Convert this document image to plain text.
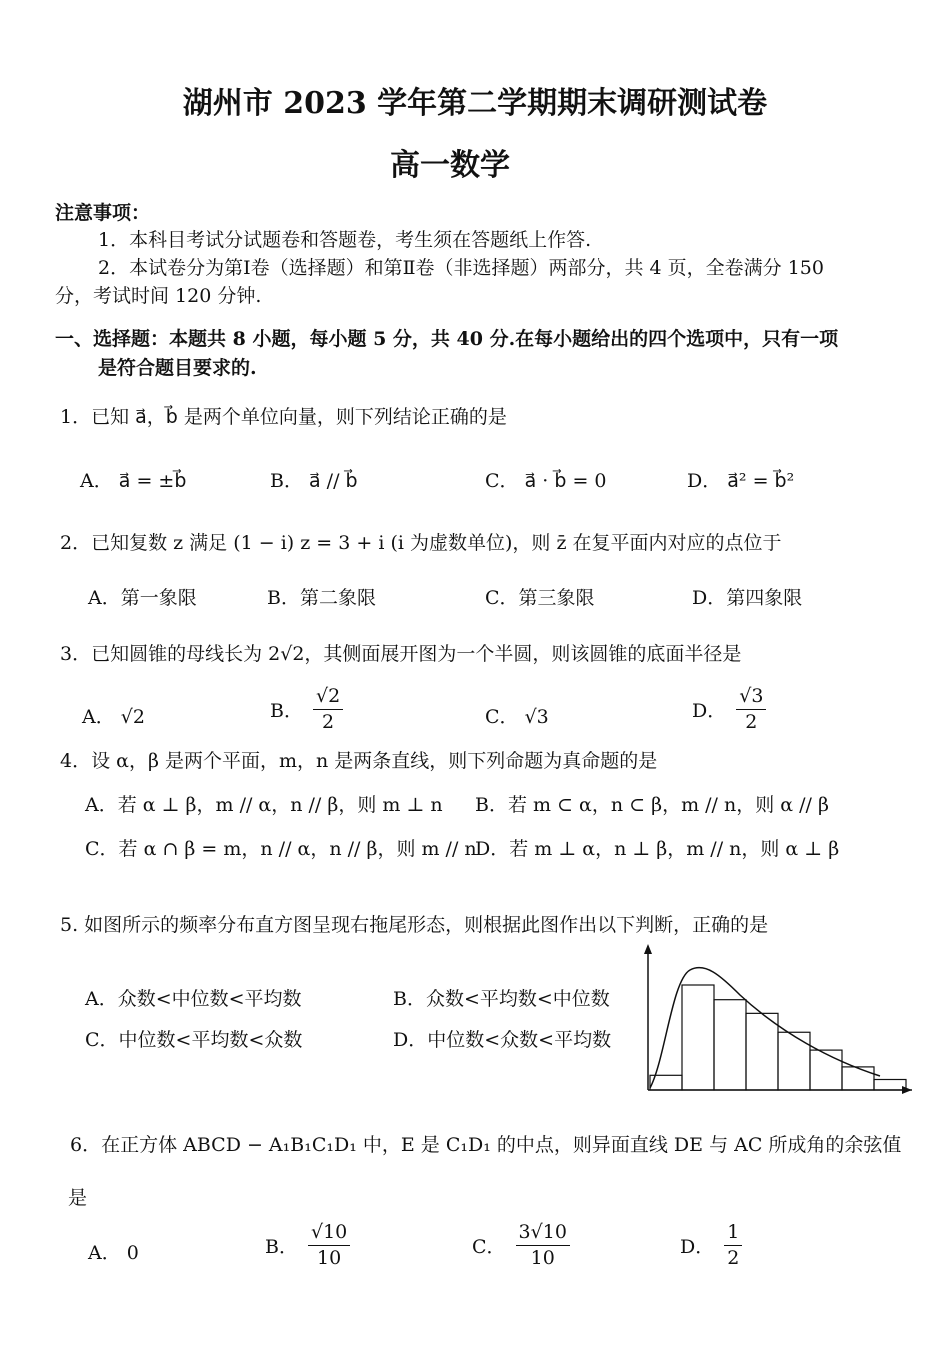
湖州市 2023 学年第二学期期末调研测试卷
高一数学
注意事项：
1．本科目考试分试题卷和答题卷，考生须在答题纸上作答.
2．本试卷分为第Ⅰ卷（选择题）和第Ⅱ卷（非选择题）两部分，共 4 页，全卷满分 150
分，考试时间 120 分钟.
一、选择题：本题共 8 小题，每小题 5 分，共 40 分.在每小题给出的四个选项中，只有一项
是符合题目要求的.
1．已知 a⃗，b⃗ 是两个单位向量，则下列结论正确的是
A． a⃗ = ±b⃗	B． a⃗ // b⃗	C． a⃗ · b⃗ = 0	D． a⃗² = b⃗²
2．已知复数 z 满足 (1 − i) z = 3 + i (i 为虚数单位)，则 z̄ 在复平面内对应的点位于
A．第一象限	B．第二象限	C．第三象限	D．第四象限
3．已知圆锥的母线长为 2√2，其侧面展开图为一个半圆，则该圆锥的底面半径是
A． √2	B． $\frac{√2}{2}$	C． √3	D． $\frac{√3}{2}$
4．设 α，β 是两个平面，m，n 是两条直线，则下列命题为真命题的是
A．若 α ⊥ β，m // α，n // β，则 m ⊥ n B．若 m ⊂ α，n ⊂ β，m // n，则 α // β
C．若 α ∩ β = m，n // α，n // β，则 m // n
D．若 m ⊥ α，n ⊥ β，m // n，则 α ⊥ β
5. 如图所示的频率分布直方图呈现右拖尾形态，则根据此图作出以下判断，正确的是
A．众数<中位数<平均数	B．众数<平均数<中位数
C．中位数<平均数<众数	D．中位数<众数<平均数
6．在正方体 ABCD − A₁B₁C₁D₁ 中，E 是 C₁D₁ 的中点，则异面直线 DE 与 AC 所成角的余弦值
是
A． 0	B． $\frac{√10}{10}$	C． $\frac{3√10}{10}$	D． $\frac{1}{2}$
